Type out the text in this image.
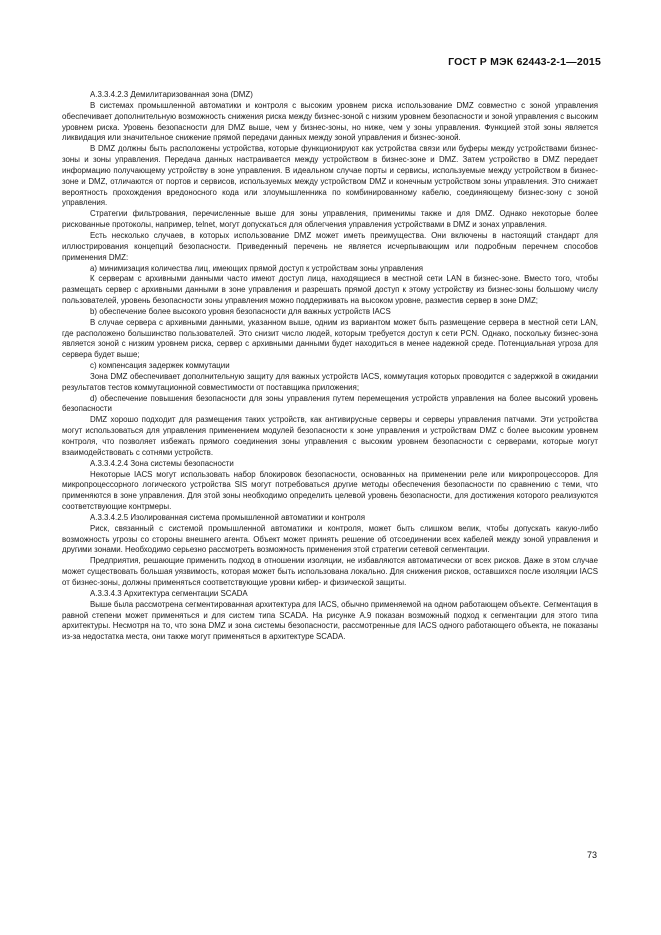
ГОСТ Р МЭК 62443-2-1—2015

А.3.3.4.2.3 Демилитаризованная зона (DMZ)

В системах промышленной автоматики и контроля с высоким уровнем риска использование DMZ совместно с зоной управления обеспечивает дополнительную возможность снижения риска между бизнес-зоной с низким уровнем безопасности и зоной управления с высоким уровнем риска. Уровень безопасности для DMZ выше, чем у бизнес-зоны, но ниже, чем у зоны управления. Функцией этой зоны является ликвидация или значительное снижение прямой передачи данных между зоной управления и бизнес-зоной.

В DMZ должны быть расположены устройства, которые функционируют как устройства связи или буферы между устройствами бизнес-зоны и зоны управления. Передача данных настраивается между устройством в бизнес-зоне и DMZ. Затем устройство в DMZ передает информацию получающему устройству в зоне управления. В идеальном случае порты и сервисы, используемые между устройством в бизнес-зоне и DMZ, отличаются от портов и сервисов, используемых между устройством DMZ и конечным устройством зоны управления. Это снижает вероятность прохождения вредоносного кода или злоумышленника по комбинированному кабелю, соединяющему бизнес-зону с зоной управления.

Стратегии фильтрования, перечисленные выше для зоны управления, применимы также и для DMZ. Однако некоторые более рискованные протоколы, например, telnet, могут допускаться для облегчения управления устройствами в DMZ и зонах управления.

Есть несколько случаев, в которых использование DMZ может иметь преимущества. Они включены в настоящий стандарт для иллюстрирования концепций безопасности. Приведенный перечень не является исчерпывающим или подробным перечнем способов применения DMZ:

а) минимизация количества лиц, имеющих прямой доступ к устройствам зоны управления

К серверам с архивными данными часто имеют доступ лица, находящиеся в местной сети LAN в бизнес-зоне. Вместо того, чтобы размещать сервер с архивными данными в зоне управления и разрешать прямой доступ к этому устройству из бизнес-зоны большому числу пользователей, уровень безопасности зоны управления можно поддерживать на высоком уровне, разместив сервер в зоне DMZ;

b) обеспечение более высокого уровня безопасности для важных устройств IACS

В случае сервера с архивными данными, указанном выше, одним из вариантом может быть размещение сервера в местной сети LAN, где расположено большинство пользователей. Это снизит число людей, которым требуется доступ к сети PCN. Однако, поскольку бизнес-зона является зоной с низким уровнем риска, сервер с архивными данными будет находиться в менее надежной среде. Потенциальная угроза для сервера будет выше;

c) компенсация задержек коммутации

Зона DMZ обеспечивает дополнительную защиту для важных устройств IACS, коммутация которых проводится с задержкой в ожидании результатов тестов коммутационной совместимости от поставщика приложения;

d) обеспечение повышения безопасности для зоны управления путем перемещения устройств управления на более высокий уровень безопасности

DMZ хорошо подходит для размещения таких устройств, как антивирусные серверы и серверы управления патчами. Эти устройства могут использоваться для управления применением модулей безопасности к зоне управления и устройствам DMZ с более высоким уровнем контроля, что позволяет избежать прямого соединения зоны управления с высоким уровнем безопасности с серверами, которые могут взаимодействовать с сотнями устройств.

А.3.3.4.2.4 Зона системы безопасности

Некоторые IACS могут использовать набор блокировок безопасности, основанных на применении реле или микропроцессоров. Для микропроцессорного логического устройства SIS могут потребоваться другие методы обеспечения безопасности по сравнению с теми, что применяются в зоне управления. Для этой зоны необходимо определить целевой уровень безопасности, для достижения которого реализуются соответствующие контрмеры.

А.3.3.4.2.5 Изолированная система промышленной автоматики и контроля

Риск, связанный с системой промышленной автоматики и контроля, может быть слишком велик, чтобы допускать какую-либо возможность угрозы со стороны внешнего агента. Объект может принять решение об отсоединении всех кабелей между зоной управления и другими зонами. Необходимо серьезно рассмотреть возможность применения этой стратегии сетевой сегментации.

Предприятия, решающие применить подход в отношении изоляции, не избавляются автоматически от всех рисков. Даже в этом случае может существовать большая уязвимость, которая может быть использована локально. Для снижения рисков, оставшихся после изоляции IACS от бизнес-зоны, должны применяться соответствующие уровни кибер- и физической защиты.

А.3.3.4.3 Архитектура сегментации SCADA

Выше была рассмотрена сегментированная архитектура для IACS, обычно применяемой на одном работающем объекте. Сегментация в равной степени может применяться и для систем типа SCADA. На рисунке А.9 показан возможный подход к сегментации для этого типа архитектуры. Несмотря на то, что зона DMZ и зона системы безопасности, рассмотренные для IACS одного работающего объекта, не показаны из-за недостатка места, они также могут применяться в архитектуре SCADA.

73
